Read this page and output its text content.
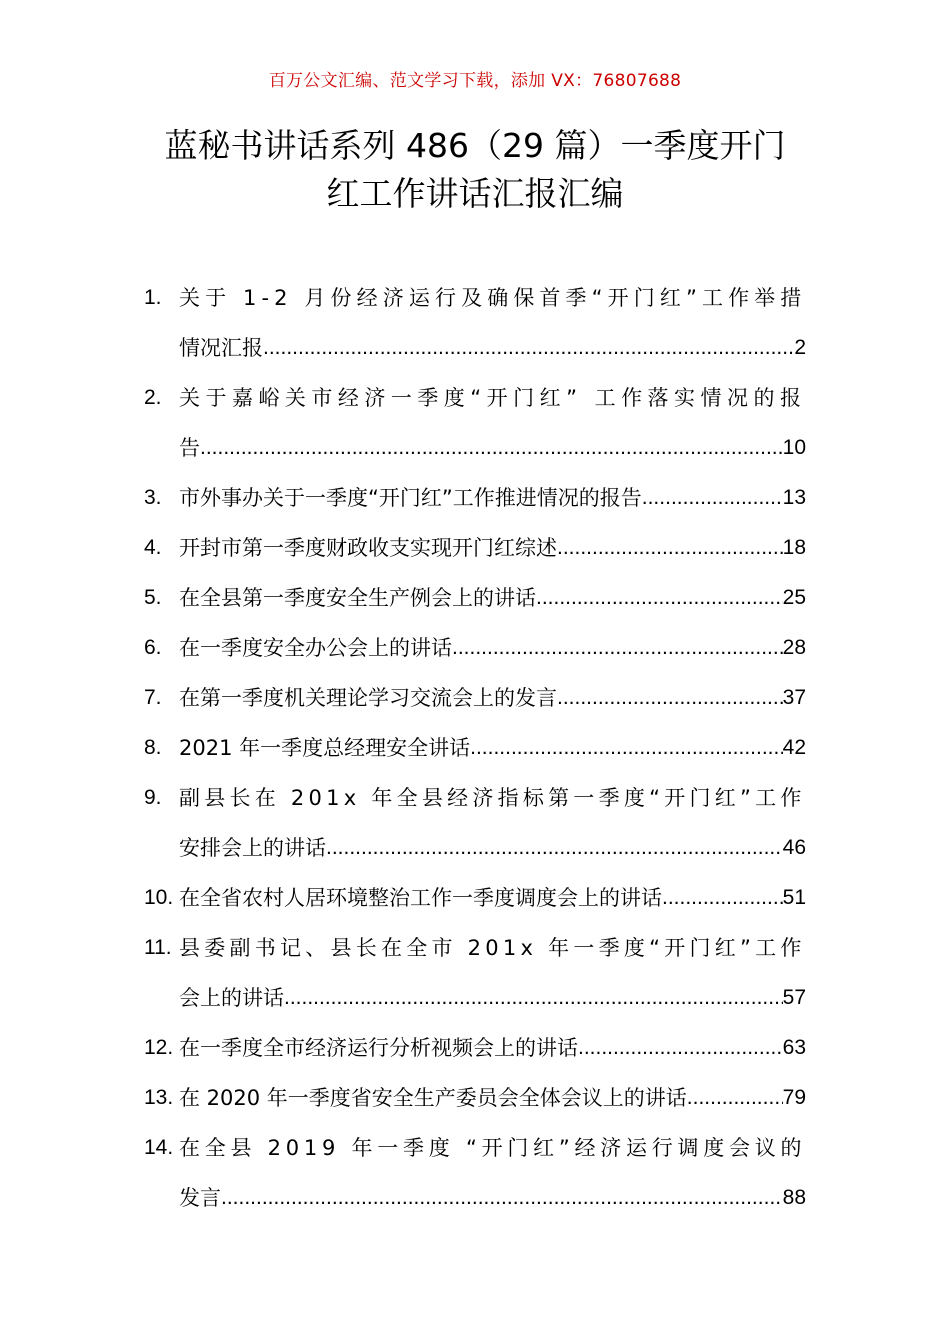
百万公文汇编、范文学习下载，添加 VX：76807688
蓝秘书讲话系列 486（29 篇）一季度开门
红工作讲话汇报汇编
1. 关于 1-2 月份经济运行及确保首季“开门红”工作举措
情况汇报 .....	2
2. 关于嘉峪关市经济一季度“开门红” 工作落实情况的报
告 .....	10
3. 市外事办关于一季度“开门红”工作推进情况的报告 .....	13
4. 开封市第一季度财政收支实现开门红综述 .....	18
5. 在全县第一季度安全生产例会上的讲话 .....	25
6. 在一季度安全办公会上的讲话 .....	28
7. 在第一季度机关理论学习交流会上的发言 .....	37
8. 2021 年一季度总经理安全讲话 .....	42
9. 副县长在 201x 年全县经济指标第一季度“开门红”工作
安排会上的讲话 .....	46
10. 在全省农村人居环境整治工作一季度调度会上的讲话 .....	51
11. 县委副书记、县长在全市 201x 年一季度“开门红”工作
会上的讲话 .....	57
12. 在一季度全市经济运行分析视频会上的讲话 .....	63
13. 在 2020 年一季度省安全生产委员会全体会议上的讲话 .....	79
14. 在全县 2019 年一季度 “开门红”经济运行调度会议的
发言 .....	88
